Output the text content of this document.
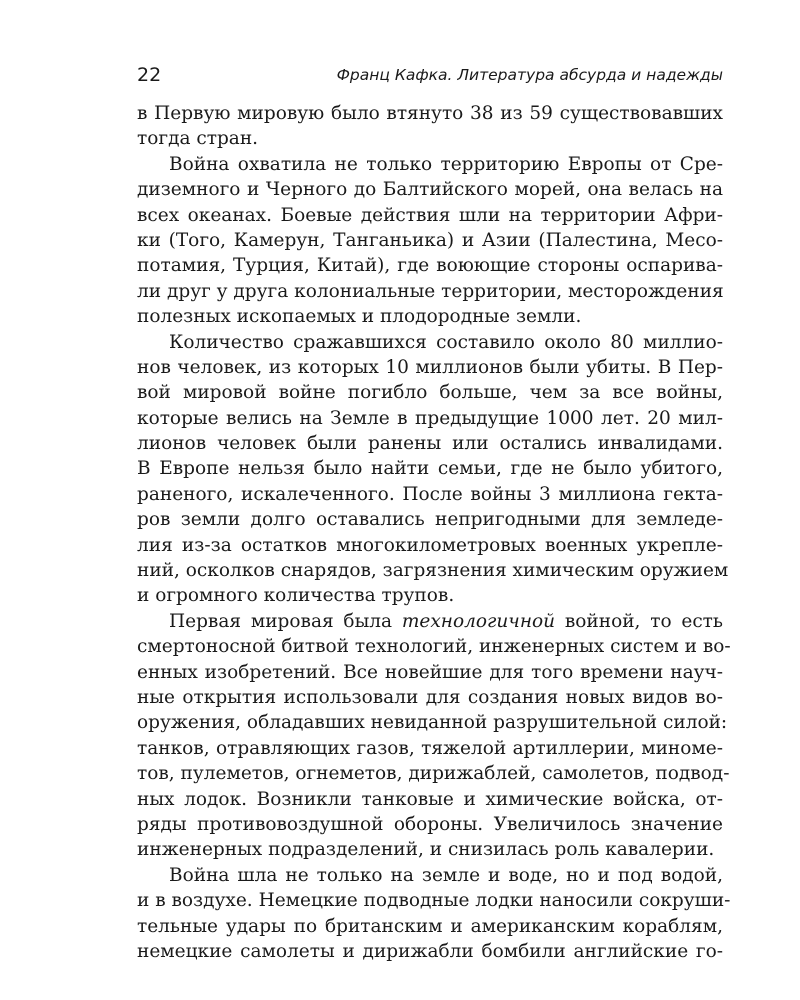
22	Франц Кафка. Литература абсурда и надежды
в Первую мировую было втянуто 38 из 59 существовавших
тогда стран.
Война охватила не только территорию Европы от Сре-
диземного и Черного до Балтийского морей, она велась на
всех океанах. Боевые действия шли на территории Афри-
ки (Того, Камерун, Танганьика) и Азии (Палестина, Месо-
потамия, Турция, Китай), где воюющие стороны оспарива-
ли друг у друга колониальные территории, месторождения
полезных ископаемых и плодородные земли.
Количество сражавшихся составило около 80 миллио-
нов человек, из которых 10 миллионов были убиты. В Пер-
вой мировой войне погибло больше, чем за все войны,
которые велись на Земле в предыдущие 1000 лет. 20 мил-
лионов человек были ранены или остались инвалидами.
В Европе нельзя было найти семьи, где не было убитого,
раненого, искалеченного. После войны 3 миллиона гекта-
ров земли долго оставались непригодными для земледе-
лия из-за остатков многокилометровых военных укрепле-
ний, осколков снарядов, загрязнения химическим оружием
и огромного количества трупов.
Первая мировая была технологичной войной, то есть
смертоносной битвой технологий, инженерных систем и во-
енных изобретений. Все новейшие для того времени науч-
ные открытия использовали для создания новых видов во-
оружения, обладавших невиданной разрушительной силой:
танков, отравляющих газов, тяжелой артиллерии, миноме-
тов, пулеметов, огнеметов, дирижаблей, самолетов, подвод-
ных лодок. Возникли танковые и химические войска, от-
ряды противовоздушной обороны. Увеличилось значение
инженерных подразделений, и снизилась роль кавалерии.
Война шла не только на земле и воде, но и под водой,
и в воздухе. Немецкие подводные лодки наносили сокруши-
тельные удары по британским и американским кораблям,
немецкие самолеты и дирижабли бомбили английские го-
